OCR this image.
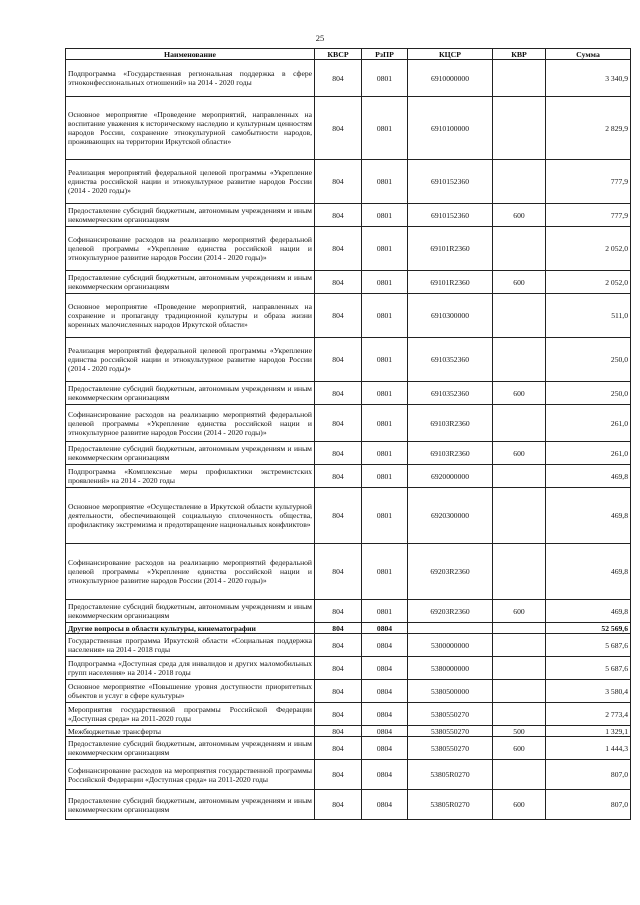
25
Наименование	КВСР	РзПР	КЦСР	КВР	Сумма
Подпрограмма «Государственная региональная поддержка в сфере этноконфессиональных отношений» на 2014 - 2020 годы	804	0801	6910000000		3 340,9
Основное мероприятие «Проведение мероприятий, направленных на воспитание уважения к историческому наследию и культурным ценностям народов России, сохранение этнокультурной самобытности народов, проживающих на территории Иркутской области»	804	0801	6910100000		2 829,9
Реализация мероприятий федеральной целевой программы «Укрепление единства российской нации и этнокультурное развитие народов России (2014 - 2020 годы)»	804	0801	6910152360		777,9
Предоставление субсидий бюджетным, автономным учреждениям и иным некоммерческим организациям	804	0801	6910152360	600	777,9
Софинансирование расходов на реализацию мероприятий федеральной целевой программы «Укрепление единства российской нации и этнокультурное развитие народов России (2014 - 2020 годы)»	804	0801	69101R2360		2 052,0
Предоставление субсидий бюджетным, автономным учреждениям и иным некоммерческим организациям	804	0801	69101R2360	600	2 052,0
Основное мероприятие «Проведение мероприятий, направленных на сохранение и пропаганду традиционной культуры и образа жизни коренных малочисленных народов Иркутской области»	804	0801	6910300000		511,0
Реализация мероприятий федеральной целевой программы «Укрепление единства российской нации и этнокультурное развитие народов России (2014 - 2020 годы)»	804	0801	6910352360		250,0
Предоставление субсидий бюджетным, автономным учреждениям и иным некоммерческим организациям	804	0801	6910352360	600	250,0
Софинансирование расходов на реализацию мероприятий федеральной целевой программы «Укрепление единства российской нации и этнокультурное развитие народов России (2014 - 2020 годы)»	804	0801	69103R2360		261,0
Предоставление субсидий бюджетным, автономным учреждениям и иным некоммерческим организациям	804	0801	69103R2360	600	261,0
Подпрограмма «Комплексные меры профилактики экстремистских проявлений» на 2014 - 2020 годы	804	0801	6920000000		469,8
Основное мероприятие «Осуществление в Иркутской области культурной деятельности, обеспечивающей социальную сплоченность общества, профилактику экстремизма и предотвращение национальных конфликтов»	804	0801	6920300000		469,8
Софинансирование расходов на реализацию мероприятий федеральной целевой программы «Укрепление единства российской нации и этнокультурное развитие народов России (2014 - 2020 годы)»	804	0801	69203R2360		469,8
Предоставление субсидий бюджетным, автономным учреждениям и иным некоммерческим организациям	804	0801	69203R2360	600	469,8
Другие вопросы в области культуры, кинематографии	804	0804			52 569,6
Государственная программа Иркутской области «Социальная поддержка населения» на 2014 - 2018 годы	804	0804	5300000000		5 687,6
Подпрограмма «Доступная среда для инвалидов и других маломобильных групп населения» на 2014 - 2018 годы	804	0804	5380000000		5 687,6
Основное мероприятие «Повышение уровня доступности приоритетных объектов и услуг в сфере культуры»	804	0804	5380500000		3 580,4
Мероприятия государственной программы Российской Федерации «Доступная среда» на 2011-2020 годы	804	0804	5380550270		2 773,4
Межбюджетные трансферты	804	0804	5380550270	500	1 329,1
Предоставление субсидий бюджетным, автономным учреждениям и иным некоммерческим организациям	804	0804	5380550270	600	1 444,3
Софинансирование расходов на мероприятия государственной программы Российской Федерации «Доступная среда» на 2011-2020 годы	804	0804	53805R0270		807,0
Предоставление субсидий бюджетным, автономным учреждениям и иным некоммерческим организациям	804	0804	53805R0270	600	807,0
